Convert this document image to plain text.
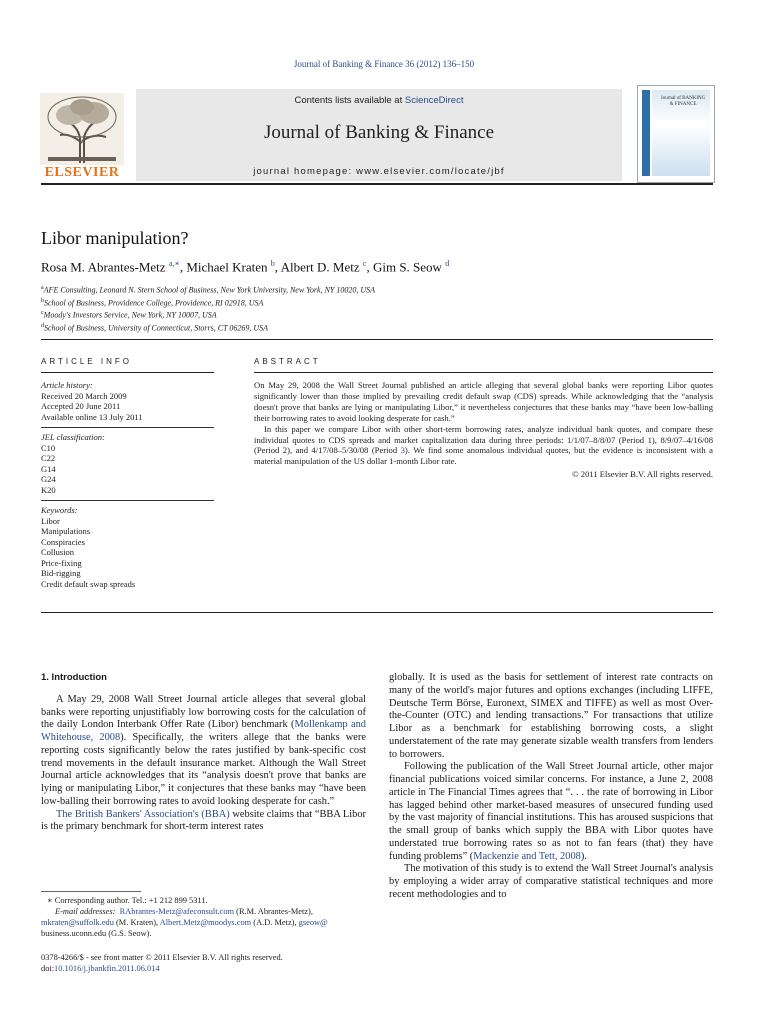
Journal of Banking & Finance 36 (2012) 136–150
ELSEVIER
Contents lists available at ScienceDirect
Journal of Banking & Finance
journal homepage: www.elsevier.com/locate/jbf
Journal of BANKING & FINANCE
Libor manipulation?
Rosa M. Abrantes-Metz $^{a,∗}$, Michael Kraten $^b$, Albert D. Metz $^c$, Gim S. Seow $^d$
$^a$AFE Consulting, Leonard N. Stern School of Business, New York University, New York, NY 10020, USA
$^b$School of Business, Providence College, Providence, RI 02918, USA
$^c$Moody's Investors Service, New York, NY 10007, USA
$^d$School of Business, University of Connecticut, Storrs, CT 06269, USA
ARTICLE INFO	ABSTRACT
Article history:
Received 20 March 2009
Accepted 20 June 2011
Available online 13 July 2011
JEL classification:
C10
C22
G14
G24
K20
Keywords:
Libor
Manipulations
Conspiracies
Collusion
Price-fixing
Bid-rigging
Credit default swap spreads

On May 29, 2008 the Wall Street Journal published an article alleging that several global banks were reporting Libor quotes significantly lower than those implied by prevailing credit default swap (CDS) spreads. While acknowledging that the “analysis doesn't prove that banks are lying or manipulating Libor,” it nevertheless conjectures that these banks may “have been low-balling their borrowing rates to avoid looking desperate for cash.”

In this paper we compare Libor with other short-term borrowing rates, analyze individual bank quotes, and compare these individual quotes to CDS spreads and market capitalization data during three periods: 1/1/07–8/8/07 (Period 1), 8/9/07–4/16/08 (Period 2), and 4/17/08–5/30/08 (Period 3). We find some anomalous individual quotes, but the evidence is inconsistent with a material manipulation of the US dollar 1-month Libor rate.

© 2011 Elsevier B.V. All rights reserved.

1. Introduction

A May 29, 2008 Wall Street Journal article alleges that several global banks were reporting unjustifiably low borrowing costs for the calculation of the daily London Interbank Offer Rate (Libor) benchmark (Mollenkamp and Whitehouse, 2008). Specifically, the writers allege that the banks were reporting costs significantly below the rates justified by bank-specific cost trend movements in the default insurance market. Although the Wall Street Journal article acknowledges that its “analysis doesn't prove that banks are lying or manipulating Libor,” it conjectures that these banks may “have been low-balling their borrowing rates to avoid looking desperate for cash.”

The British Bankers' Association's (BBA) website claims that “BBA Libor is the primary benchmark for short-term interest rates

∗ Corresponding author. Tel.: +1 212 899 5311.

E-mail addresses: RAbrantes-Metz@afeconsult.com (R.M. Abrantes-Metz), mkraten@suffolk.edu (M. Kraten), Albert.Metz@moodys.com (A.D. Metz), gseow@ business.uconn.edu (G.S. Seow).

0378-4266/$ - see front matter © 2011 Elsevier B.V. All rights reserved.
doi:10.1016/j.jbankfin.2011.06.014

globally. It is used as the basis for settlement of interest rate contracts on many of the world's major futures and options exchanges (including LIFFE, Deutsche Term Börse, Euronext, SIMEX and TIFFE) as well as most Over-the-Counter (OTC) and lending transactions.” For transactions that utilize Libor as a benchmark for establishing borrowing costs, a slight understatement of the rate may generate sizable wealth transfers from lenders to borrowers.

Following the publication of the Wall Street Journal article, other major financial publications voiced similar concerns. For instance, a June 2, 2008 article in The Financial Times agrees that “. . . the rate of borrowing in Libor has lagged behind other market-based measures of unsecured funding used by the vast majority of financial institutions. This has aroused suspicions that the small group of banks which supply the BBA with Libor quotes have understated true borrowing rates so as not to fan fears (that) they have funding problems” (Mackenzie and Tett, 2008).

The motivation of this study is to extend the Wall Street Journal's analysis by employing a wider array of comparative statistical techniques and more recent methodologies and to
